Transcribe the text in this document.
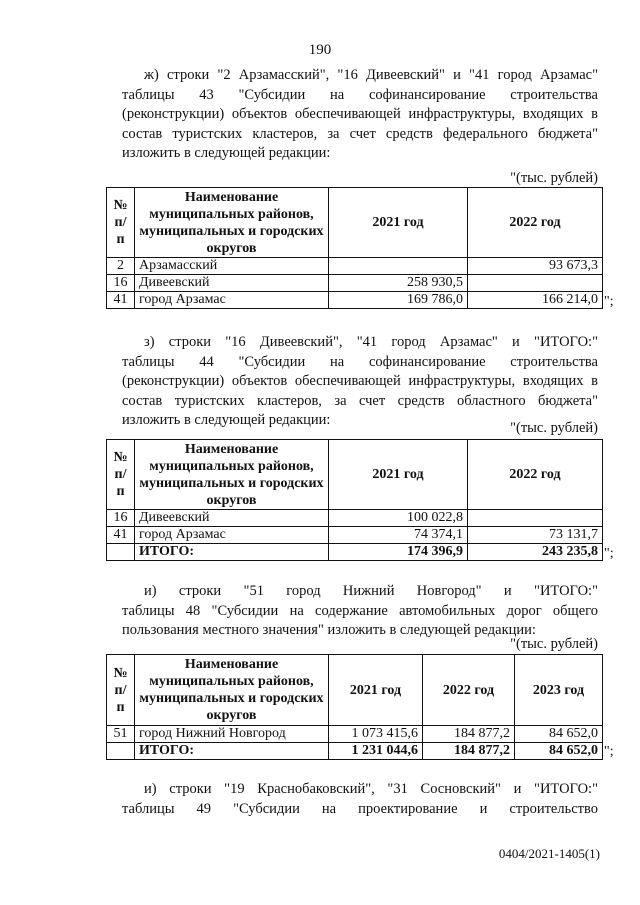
190
ж) строки "2 Арзамасский", "16 Дивеевский" и "41 город Арзамас"
таблицы 43 "Субсидии на софинансирование строительства (реконструкции) объектов обеспечивающей инфраструктуры, входящих в состав туристских кластеров, за счет средств федерального бюджета" изложить в следующей редакции:
"(тыс. рублей)
№ п/п	Наименование муниципальных районов, муниципальных и городских округов	2021 год	2022 год
2	Арзамасский		93 673,3
16	Дивеевский	258 930,5	
41	город Арзамас	169 786,0	166 214,0 ";
з) строки "16 Дивеевский", "41 город Арзамас" и "ИТОГО:"
таблицы 44 "Субсидии на софинансирование строительства (реконструкции) объектов обеспечивающей инфраструктуры, входящих в состав туристских кластеров, за счет средств областного бюджета" изложить в следующей редакции:	"(тыс. рублей)
№ п/п	Наименование муниципальных районов, муниципальных и городских округов	2021 год	2022 год
16	Дивеевский	100 022,8	
41	город Арзамас	74 374,1	73 131,7
	ИТОГО:	174 396,9	243 235,8 ";
и) строки "51 город Нижний Новгород" и "ИТОГО:"
таблицы 48 "Субсидии на содержание автомобильных дорог общего пользования местного значения" изложить в следующей редакции:
"(тыс. рублей)
№ п/п	Наименование муниципальных районов, муниципальных и городских округов	2021 год	2022 год	2023 год
51	город Нижний Новгород	1 073 415,6	184 877,2	84 652,0
	ИТОГО:	1 231 044,6	184 877,2	84 652,0 ";
и) строки "19 Краснобаковский", "31 Сосновский" и "ИТОГО:"
таблицы 49 "Субсидии на проектирование и строительство
0404/2021-1405(1)
